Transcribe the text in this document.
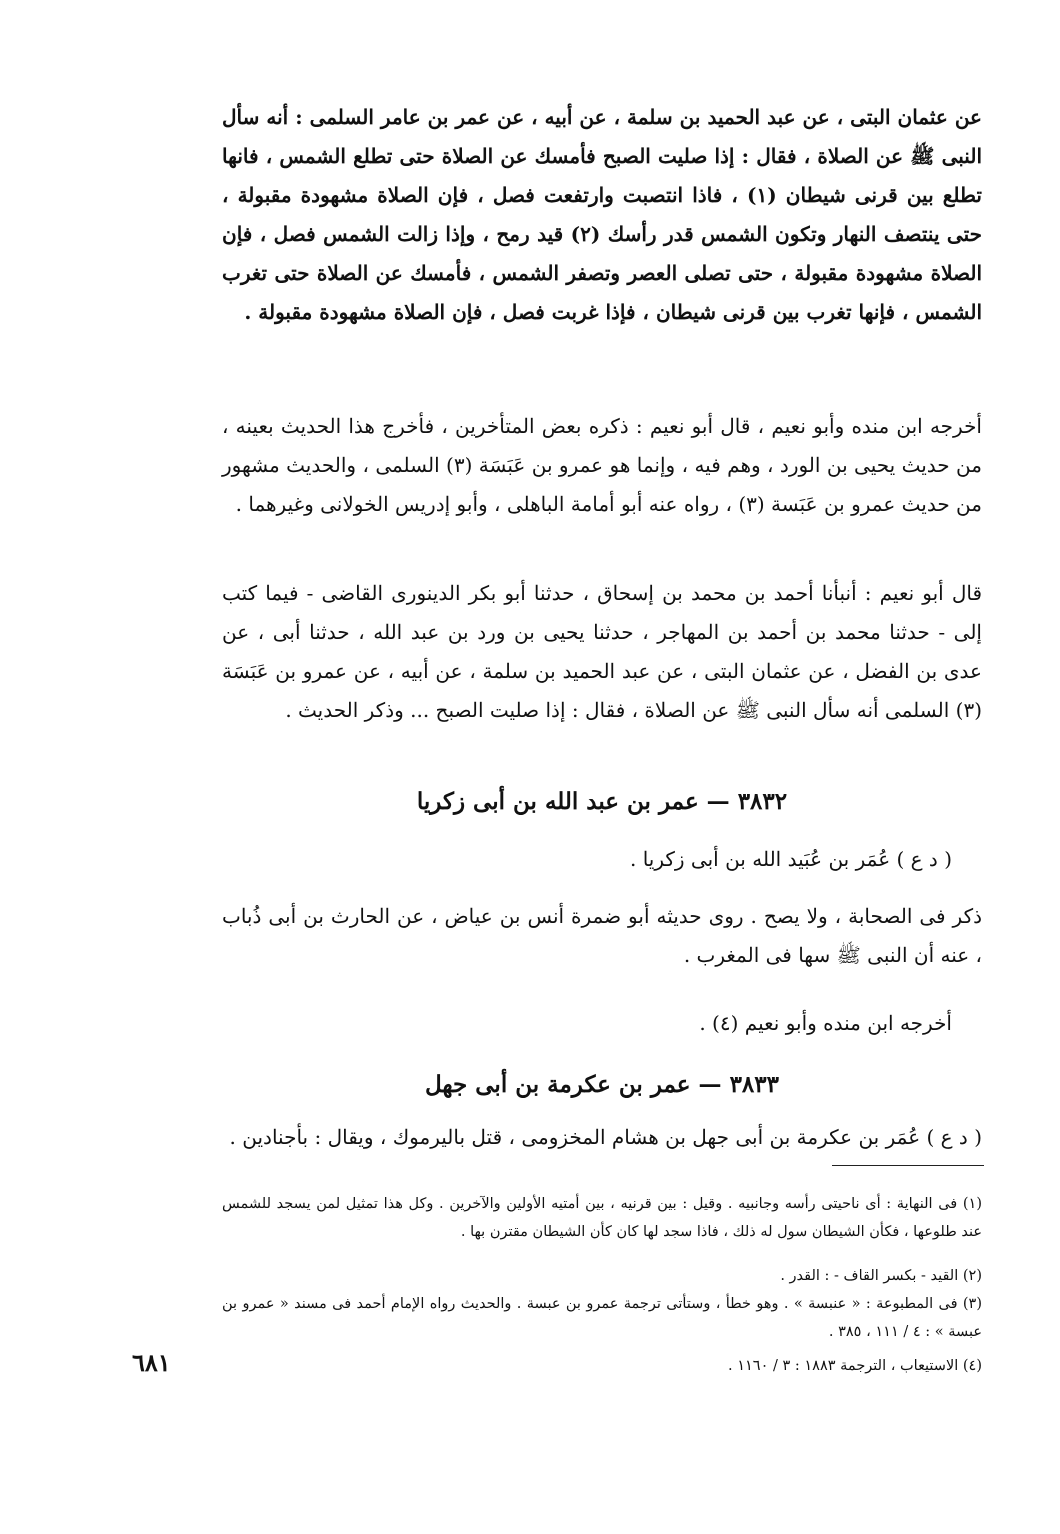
عن عثمان البتى ، عن عبد الحميد بن سلمة ، عن أبيه ، عن عمر بن عامر السلمى : أنه سأل النبى ﷺ عن الصلاة ، فقال : إذا صليت الصبح فأمسك عن الصلاة حتى تطلع الشمس ، فانها تطلع بين قرنى شيطان (١) ، فاذا انتصبت وارتفعت فصل ، فإن الصلاة مشهودة مقبولة ، حتى ينتصف النهار وتكون الشمس قدر رأسك (٢) قيد رمح ، وإذا زالت الشمس فصل ، فإن الصلاة مشهودة مقبولة ، حتى تصلى العصر وتصفر الشمس ، فأمسك عن الصلاة حتى تغرب الشمس ، فإنها تغرب بين قرنى شيطان ، فإذا غربت فصل ، فإن الصلاة مشهودة مقبولة .
أخرجه ابن منده وأبو نعيم ، قال أبو نعيم : ذكره بعض المتأخرين ، فأخرج هذا الحديث بعينه ، من حديث يحيى بن الورد ، وهم فيه ، وإنما هو عمرو بن عَبَسَة (٣) السلمى ، والحديث مشهور من حديث عمرو بن عَبَسة (٣) ، رواه عنه أبو أمامة الباهلى ، وأبو إدريس الخولانى وغيرهما .
قال أبو نعيم : أنبأنا أحمد بن محمد بن إسحاق ، حدثنا أبو بكر الدينورى القاضى - فيما كتب إلى - حدثنا محمد بن أحمد بن المهاجر ، حدثنا يحيى بن ورد بن عبد الله ، حدثنا أبى ، عن عدى بن الفضل ، عن عثمان البتى ، عن عبد الحميد بن سلمة ، عن أبيه ، عن عمرو بن عَبَسَة (٣) السلمى أنه سأل النبى ﷺ عن الصلاة ، فقال : إذا صليت الصبح ... وذكر الحديث .
٣٨٣٢ — عمر بن عبد الله بن أبى زكريا
( د ع ) عُمَر بن عُبَيد الله بن أبى زكريا .
ذكر فى الصحابة ، ولا يصح . روى حديثه أبو ضمرة أنس بن عياض ، عن الحارث بن أبى ذُباب ، عنه أن النبى ﷺ سها فى المغرب .
أخرجه ابن منده وأبو نعيم (٤) .
٣٨٣٣ — عمر بن عكرمة بن أبى جهل
( د ع ) عُمَر بن عكرمة بن أبى جهل بن هشام المخزومى ، قتل باليرموك ، ويقال : بأجنادين .
(١) فى النهاية : أى ناحيتى رأسه وجانبيه . وقيل : بين قرنيه ، بين أمتيه الأولين والآخرين . وكل هذا تمثيل لمن يسجد للشمس عند طلوعها ، فكأن الشيطان سول له ذلك ، فاذا سجد لها كان كأن الشيطان مقترن بها .
(٢) القيد - بكسر القاف - : القدر .
(٣) فى المطبوعة : « عنبسة » . وهو خطأ ، وستأتى ترجمة عمرو بن عبسة . والحديث رواه الإمام أحمد فى مسند « عمرو بن عبسة » : ٤ / ١١١ ، ٣٨٥ .
(٤) الاستيعاب ، الترجمة ١٨٨٣ : ٣ / ١١٦٠ .
٦٨١
